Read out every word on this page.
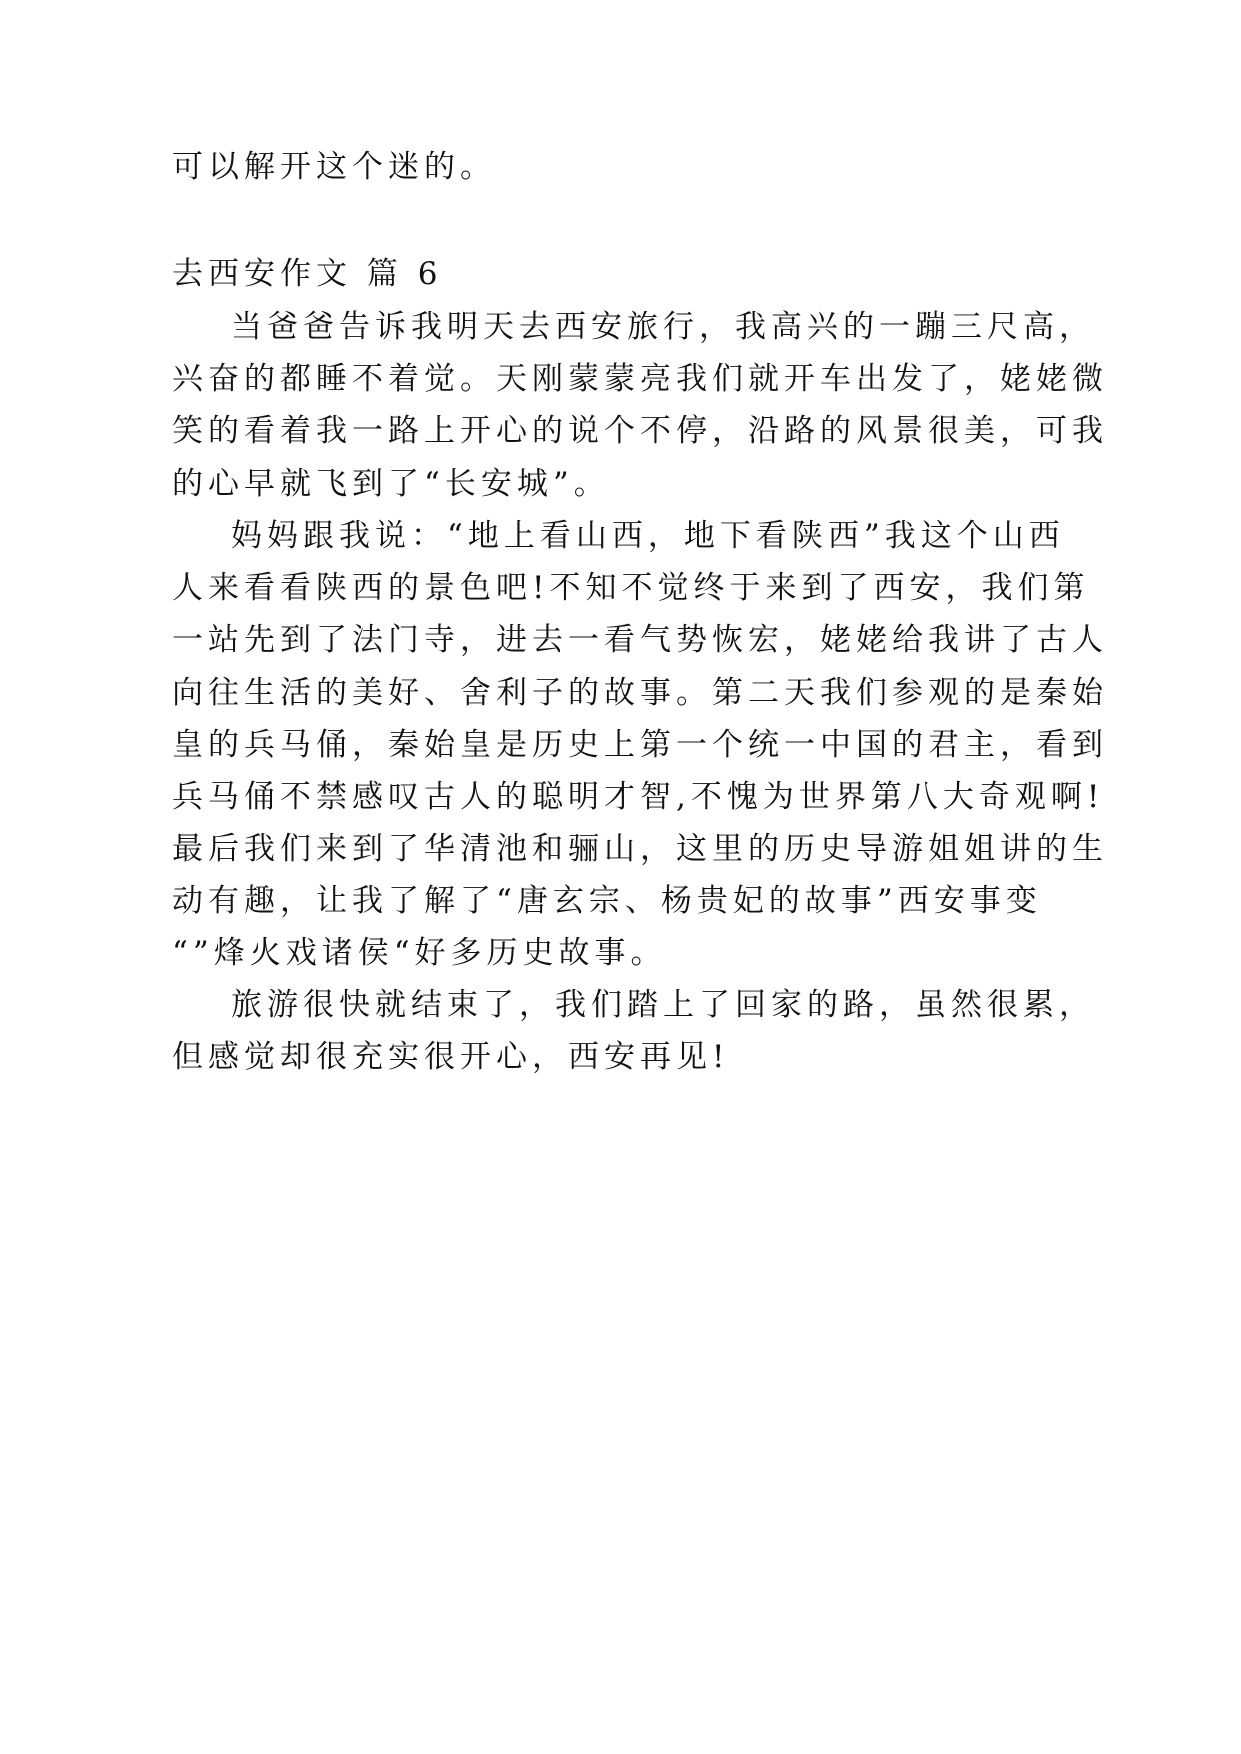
可以解开这个迷的。

去西安作文 篇 6

当爸爸告诉我明天去西安旅行，我高兴的一蹦三尺高，

兴奋的都睡不着觉。天刚蒙蒙亮我们就开车出发了，姥姥微

笑的看着我一路上开心的说个不停，沿路的风景很美，可我

的心早就飞到了“长安城”。

妈妈跟我说：“地上看山西，地下看陕西”我这个山西

人来看看陕西的景色吧!不知不觉终于来到了西安，我们第

一站先到了法门寺，进去一看气势恢宏，姥姥给我讲了古人

向往生活的美好、舍利子的故事。第二天我们参观的是秦始

皇的兵马俑，秦始皇是历史上第一个统一中国的君主，看到

兵马俑不禁感叹古人的聪明才智,不愧为世界第八大奇观啊!

最后我们来到了华清池和骊山，这里的历史导游姐姐讲的生

动有趣，让我了解了“唐玄宗、杨贵妃的故事”西安事变

“”烽火戏诸侯“好多历史故事。

旅游很快就结束了，我们踏上了回家的路，虽然很累，

但感觉却很充实很开心，西安再见!
